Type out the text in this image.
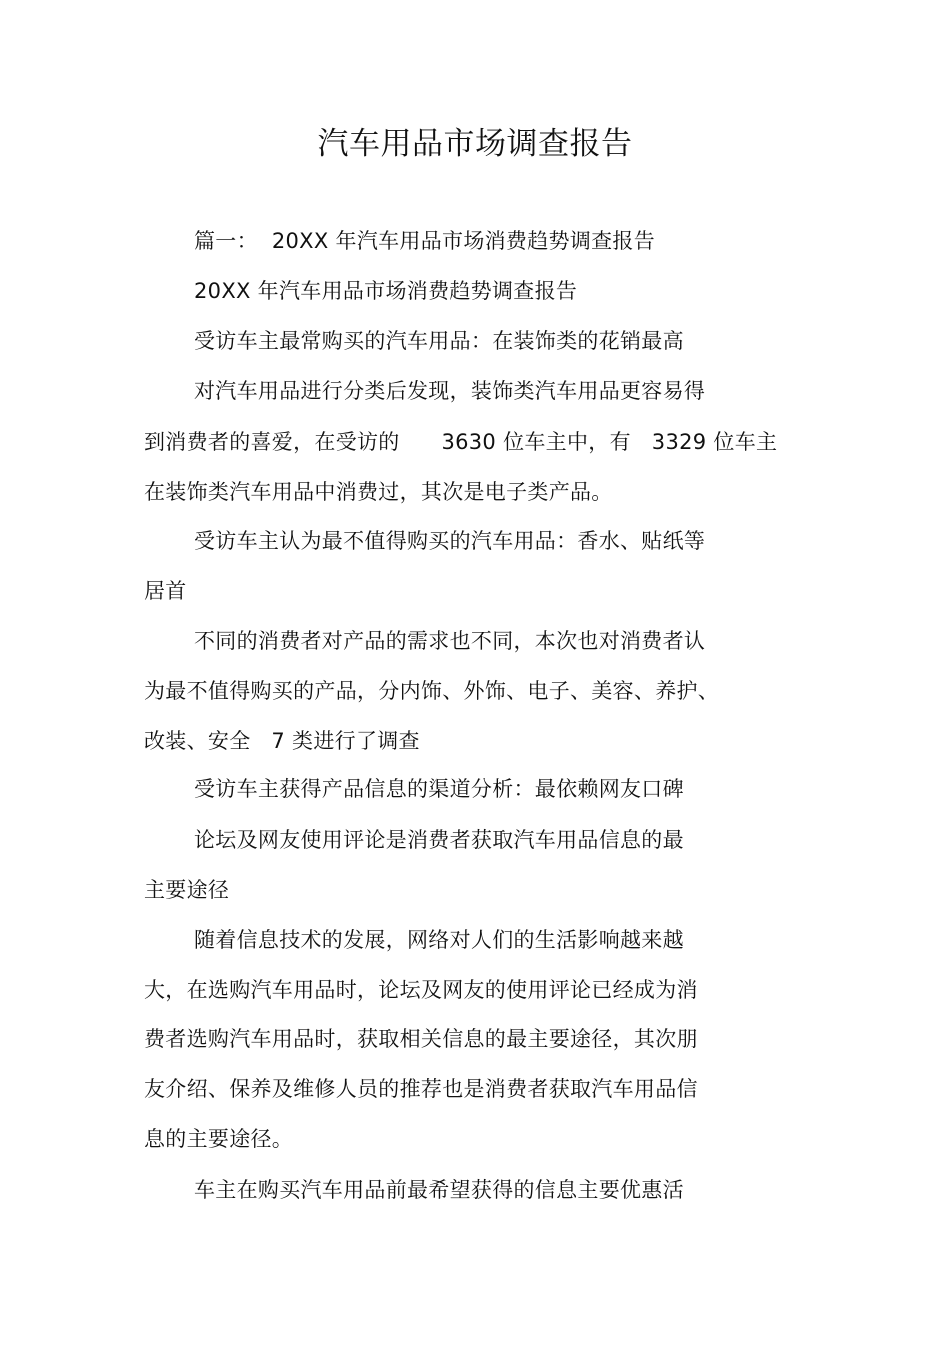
汽车用品市场调查报告
篇一：  20XX 年汽车用品市场消费趋势调查报告
20XX 年汽车用品市场消费趋势调查报告
受访车主最常购买的汽车用品：在装饰类的花销最高
对汽车用品进行分类后发现，装饰类汽车用品更容易得
到消费者的喜爱，在受访的      3630 位车主中，有   3329 位车主
在装饰类汽车用品中消费过，其次是电子类产品。
受访车主认为最不值得购买的汽车用品：香水、贴纸等
居首
不同的消费者对产品的需求也不同，本次也对消费者认
为最不值得购买的产品，分内饰、外饰、电子、美容、养护、
改装、安全   7 类进行了调查
受访车主获得产品信息的渠道分析：最依赖网友口碑
论坛及网友使用评论是消费者获取汽车用品信息的最
主要途径
随着信息技术的发展，网络对人们的生活影响越来越
大，在选购汽车用品时，论坛及网友的使用评论已经成为消
费者选购汽车用品时，获取相关信息的最主要途径，其次朋
友介绍、保养及维修人员的推荐也是消费者获取汽车用品信
息的主要途径。
车主在购买汽车用品前最希望获得的信息主要优惠活
